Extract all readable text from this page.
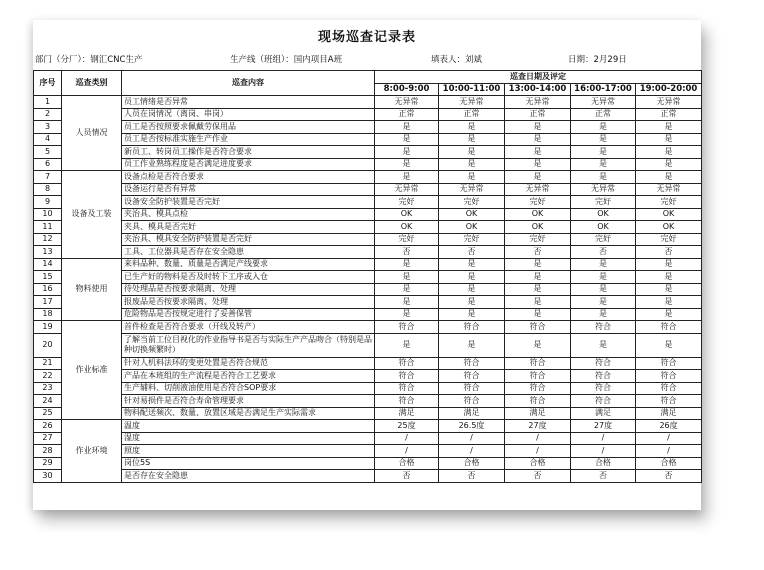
现场巡查记录表
部门（分厂）：钢汇CNC生产	生产线（班组）：国内项目A班	填表人：刘斌	日期：2月29日
序号	巡查类别	巡查内容	巡查日期及评定				
			8:00-9:00	10:00-11:00	13:00-14:00	16:00-17:00	19:00-20:00
1	人员情况	员工情绪是否异常	无异常	无异常	无异常	无异常	无异常
2		人员在岗情况（离岗、串岗）	正常	正常	正常	正常	正常
3		员工是否按照要求佩戴劳保用品	是	是	是	是	是
4		员工是否按标准实施生产作业	是	是	是	是	是
5		新员工、转岗员工操作是否符合要求	是	是	是	是	是
6		员工作业熟练程度是否满足进度要求	是	是	是	是	是
7	设备及工装	设备点检是否符合要求	是	是	是	是	是
8		设备运行是否有异常	无异常	无异常	无异常	无异常	无异常
9		设备安全防护装置是否完好	完好	完好	完好	完好	完好
10		夹治具、模具点检	OK	OK	OK	OK	OK
11		夹具、模具是否完好	OK	OK	OK	OK	OK
12		夹治具、模具安全防护装置是否完好	完好	完好	完好	完好	完好
13		工具、工位器具是否存在安全隐患	否	否	否	否	否
14	物料使用	来料品种、数量、质量是否满足产线要求	是	是	是	是	是
15		已生产好的物料是否及时转下工序或入仓	是	是	是	是	是
16		待处理品是否按要求隔离、处理	是	是	是	是	是
17		报废品是否按要求隔离、处理	是	是	是	是	是
18		危险物品是否按规定进行了妥善保管	是	是	是	是	是
19	作业标准	首件检查是否符合要求（开线及转产）	符合	符合	符合	符合	符合
20		了解当前工位目视化的作业指导书是否与实际生产产品吻合（特别是品种切换频繁时）	是	是	是	是	是
21		针对人机料法环的变更处置是否符合规范	符合	符合	符合	符合	符合
22		产品在本班组的生产流程是否符合工艺要求	符合	符合	符合	符合	符合
23		生产辅料、切削液油使用是否符合SOP要求	符合	符合	符合	符合	符合
24		针对易损件是否符合寿命管理要求	符合	符合	符合	符合	符合
25		物料配送频次、数量、放置区域是否满足生产实际需求	满足	满足	满足	满足	满足
26	作业环境	温度	25度	26.5度	27度	27度	26度
27		湿度	/	/	/	/	/
28		照度	/	/	/	/	/
29		岗位5S	合格	合格	合格	合格	合格
30		是否存在安全隐患	否	否	否	否	否
